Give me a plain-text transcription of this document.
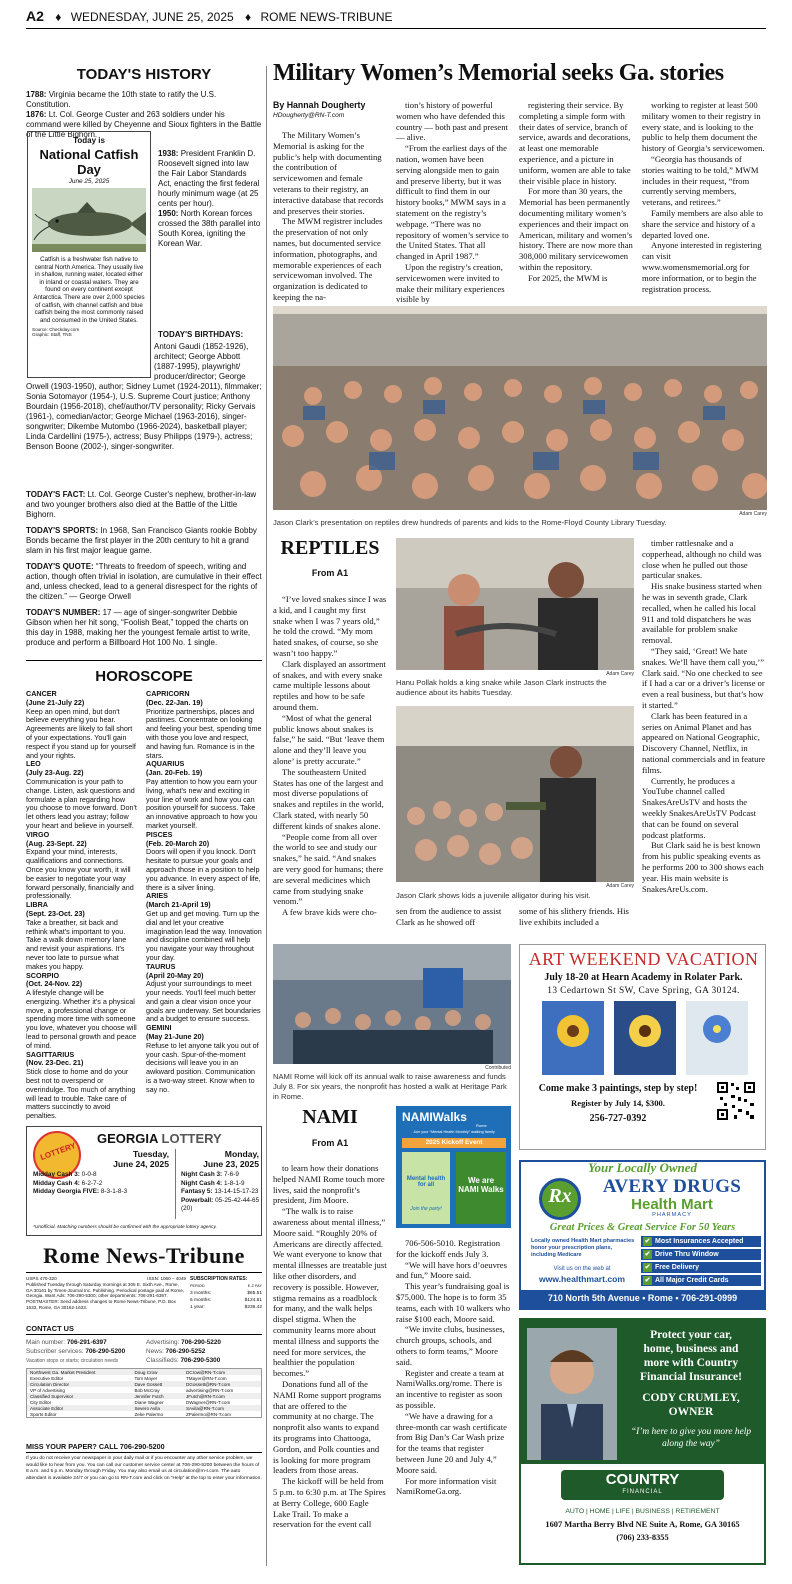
A2 ♦ WEDNESDAY, JUNE 25, 2025 ♦ ROME NEWS-TRIBUNE
TODAY'S HISTORY
1788: Virginia became the 10th state to ratify the U.S. Constitution.
1876: Lt. Col. George Custer and 263 soldiers under his command were killed by Cheyenne and Sioux fighters in the Battle of the Little Bighorn.
Today is
National Catfish Day
June 25, 2025
Catfish is a freshwater fish native to central North America. They usually live in shallow, running water, located either in inland or coastal waters. They are found on every continent except Antarctica. There are over 2,000 species of catfish, with channel catfish and blue catfish being the most commonly raised and consumed in the United States.
Source: Checkday.com
Graphic: Staff, TNS
1938: President Franklin D. Roosevelt signed into law the Fair Labor Standards Act, enacting the first federal hourly minimum wage (at 25 cents per hour).
1950: North Korean forces crossed the 38th parallel into South Korea, igniting the Korean War.
TODAY'S BIRTHDAYS:
Antoni Gaudi (1852-1926), architect; George Abbott (1887-1995), playwright/ producer/director; George Orwell (1903-1950), author; Sidney Lumet (1924-2011), filmmaker; Sonia Sotomayor (1954-), U.S. Supreme Court justice; Anthony Bourdain (1956-2018), chef/author/TV personality; Ricky Gervais (1961-), comedian/actor; George Michael (1963-2016), singer-songwriter; Dikembe Mutombo (1966-2024), basketball player; Linda Cardellini (1975-), actress; Busy Philipps (1979-), actress; Benson Boone (2002-), singer-songwriter.

TODAY'S FACT: Lt. Col. George Custer's nephew, brother-in-law and two younger brothers also died at the Battle of the Little Bighorn.

TODAY'S SPORTS: In 1968, San Francisco Giants rookie Bobby Bonds became the first player in the 20th century to hit a grand slam in his first major league game.

TODAY'S QUOTE: “Threats to freedom of speech, writing and action, though often trivial in isolation, are cumulative in their effect and, unless checked, lead to a general disrespect for the rights of the citizen.” — George Orwell

TODAY'S NUMBER: 17 — age of singer-songwriter Debbie Gibson when her hit song, “Foolish Beat,” topped the charts on this day in 1988, making her the youngest female artist to write, produce and perform a Billboard Hot 100 No. 1 single.

HOROSCOPE
CANCER
(June 21-July 22)
Keep an open mind, but don't believe everything you hear. Agreements are likely to fall short of your expectations. You'll gain respect if you stand up for yourself and your rights.
LEO
(July 23-Aug. 22)
Communication is your path to change. Listen, ask questions and formulate a plan regarding how you choose to move forward. Don't let others lead you astray; follow your heart and believe in yourself.
VIRGO
(Aug. 23-Sept. 22)
Expand your mind, interests, qualifications and connections. Once you know your worth, it will be easier to negotiate your way forward personally, financially and professionally.
LIBRA
(Sept. 23-Oct. 23)
Take a breather, sit back and rethink what's important to you. Take a walk down memory lane and revisit your aspirations. It's never too late to pursue what makes you happy.
SCORPIO
(Oct. 24-Nov. 22)
A lifestyle change will be energizing. Whether it's a physical move, a professional change or spending more time with someone you love, whatever you choose will lead to personal growth and peace of mind.
SAGITTARIUS
(Nov. 23-Dec. 21)
Stick close to home and do your best not to overspend or overindulge. Too much of anything will lead to trouble. Take care of matters succinctly to avoid penalties.
CAPRICORN
(Dec. 22-Jan. 19)
Prioritize partnerships, places and pastimes. Concentrate on looking and feeling your best, spending time with those you love and respect, and having fun. Romance is in the stars.
AQUARIUS
(Jan. 20-Feb. 19)
Pay attention to how you earn your living, what's new and exciting in your line of work and how you can position yourself for success. Take an innovative approach to how you market yourself.
PISCES
(Feb. 20-March 20)
Doors will open if you knock. Don't hesitate to pursue your goals and approach those in a position to help you advance. In every aspect of life, there is a silver lining.
ARIES
(March 21-April 19)
Get up and get moving. Turn up the dial and let your creative imagination lead the way. Innovation and discipline combined will help you navigate your way throughout your day.
TAURUS
(April 20-May 20)
Adjust your surroundings to meet your needs. You'll feel much better and gain a clear vision once your goals are underway. Set boundaries and a budget to ensure success.
GEMINI
(May 21-June 20)
Refuse to let anyone talk you out of your cash. Spur-of-the-moment decisions will leave you in an awkward position. Communication is a two-way street. Know when to say no.
LOTTERY
GEORGIA LOTTERY
Tuesday,
June 24, 2025
Monday,
June 23, 2025
Midday Cash 3: 0-0-8
Midday Cash 4: 6-2-7-2
Midday Georgia FIVE: 8-3-1-8-3
Night Cash 3: 7-6-9
Night Cash 4: 1-8-1-9
Fantasy 5: 13-14-15-17-23
Powerball: 05-25-42-44-65 (20)
*Unofficial. Matching numbers should be confirmed with the appropriate lottery agency.
Rome News-Tribune
USPS 470-320	ISSN: 1060 – 4049
Published Tuesday through Saturday mornings at 305 E. Sixth Ave., Rome, GA 30161 by Times-Journal Inc. Publishing. Periodical postage paid at Rome, Georgia. Want Ads: 706-290-5300; other departments: 706-291-6397. POSTMASTER: Send address changes to Rome News-Tribune, P.O. Box 1633, Rome, GA 30162-1633.
SUBSCRIPTION RATES:
PERIOD	E-Z PAY
3 months:	$65.51
6 months:	$124.61
1 year:	$236.42
CONTACT US
Main number: 706-291-6397
Subscriber services: 706-290-5200
Vacation stops or starts; circulation needs
Advertising: 706-290-5220
News: 706-290-5252
Classifieds: 706-290-5300
Northwest Ga. Market President	Doug Crow	DCrow@RN-T.com
Executive Editor	Tom Mayer	TMayer@RN-T.com
Circulation Director	Dave Gossett	DGossett@RN-T.com
VP of Advertising	Bob McCray	advertising@RN-T.com
Classified Supervisor	Jennifer Futch	JFutch@RN-T.com
City Editor	Diane Wagner	DWagner@RN-T.com
Associate Editor	Severo Avila	SAvila@RN-T.com
Sports Editor	Zeke Palermo	ZPalermo@RN-T.com
MISS YOUR PAPER? CALL 706-290-5200
If you do not receive your newspaper in your daily mail or if you encounter any other service problem, we would like to hear from you. You can call our customer service center at 706-290-5200 between the hours of 8 a.m. and 5 p.m. Monday through Friday. You may also email us at circulation@rn-t.com. The auto attendant is available 24/7 or you can go to RN-T.com and click on “Help” at the top to enter your information.
Military Women’s Memorial seeks Ga. stories
By Hannah Dougherty
HDougherty@RN-T.com

The Military Women’s Memorial is asking for the public’s help with documenting the contribution of servicewomen and female veterans to their registry, an interactive database that records and preserves their stories.

The MWM registrer includes the preservation of not only names, but documented service information, photographs, and memorable experiences of each servicewoman involved. The organization is dedicated to keeping the na-

tion’s history of powerful women who have defended this country — both past and present — alive.

“From the earliest days of the nation, women have been serving alongside men to gain and preserve liberty, but it was difficult to find them in our history books,” MWM says in a statement on the registry’s webpage. “There was no repository of women’s service to the United States. That all changed in April 1987.”

Upon the registry’s creation, servicewomen were invited to make their military experiences visible by

registering their service. By completing a simple form with their dates of service, branch of service, awards and decorations, at least one memorable experience, and a picture in uniform, women are able to take their visible place in history.

For more than 30 years, the Memorial has been permanently documenting military women’s experiences and their impact on American, military and women’s history. There are now more than 308,000 military servicewomen within the repository.

For 2025, the MWM is

working to register at least 500 military women to their registry in every state, and is looking to the public to help them document the history of Georgia’s servicewomen.

“Georgia has thousands of stories waiting to be told,” MWM includes in their request, “from currently serving members, veterans, and retirees.”

Family members are also able to share the service and history of a departed loved one.

Anyone interested in registering can visit www.womensmemorial.org for more information, or to begin the registration process.

Adam Carey
Jason Clark’s presentation on reptiles drew hundreds of parents and kids to the Rome-Floyd County Library Tuesday.
REPTILES
From A1

“I’ve loved snakes since I was a kid, and I caught my first snake when I was 7 years old,” he told the crowd. “My mom hated snakes, of course, so she wasn’t too happy.”

Clark displayed an assortment of snakes, and with every snake came multiple lessons about reptiles and how to be safe around them.

“Most of what the general public knows about snakes is false,” he said. “But ‘leave them alone and they’ll leave you alone’ is pretty accurate.”

The southeastern United States has one of the largest and most diverse populations of snakes and reptiles in the world, Clark stated, with nearly 50 different kinds of snakes alone.

“People come from all over the world to see and study our snakes,” he said. “And snakes are very good for humans; there are several medicines which came from studying snake venom.”

A few brave kids were cho-

Adam Carey
Hanu Pollak holds a king snake while Jason Clark instructs the audience about its habits Tuesday.
Adam Carey
Jason Clark shows kids a juvenile alligator during his visit.

sen from the audience to assist Clark as he showed off

some of his slithery friends. His live exhibits included a

timber rattlesnake and a copperhead, although no child was close when he pulled out those particular snakes.

His snake business started when he was in seventh grade, Clark recalled, when he called his local 911 and told dispatchers he was available for problem snake removal.

“They said, ‘Great! We hate snakes. We’ll have them call you,’” Clark said. “No one checked to see if I had a car or a driver’s license or even a real business, but that’s how it started.”

Clark has been featured in a series on Animal Planet and has appeared on National Geographic, Discovery Channel, Netflix, in national commercials and in feature films.

Currently, he produces a YouTube channel called SnakesAreUsTV and hosts the weekly SnakesAreUsTV Podcast that can be found on several podcast platforms.

But Clark said he is best known from his public speaking events as he performs 200 to 300 shows each year. His main website is SnakesAreUs.com.

Contributed
NAMI Rome will kick off its annual walk to raise awareness and funds July 8. For six years, the nonprofit has hosted a walk at Heritage Park in Rome.
NAMI
From A1

to learn how their donations helped NAMI Rome touch more lives, said the nonprofit’s president, Jim Moore.

“The walk is to raise awareness about mental illness,” Moore said. “Roughly 20% of Americans are directly affected. We want everyone to know that mental illnesses are treatable just like other disorders, and recovery is possible. However, stigma remains as a roadblock for many, and the walk helps dispel stigma. When the community learns more about mental illness and supports the need for more services, the healthier the population becomes.”

Donations fund all of the NAMI Rome support programs that are offered to the community at no charge. The nonprofit also wants to expand its programs into Chattooga, Gordon, and Polk counties and is looking for more program leaders from those areas.

The kickoff will be held from 5 p.m. to 6:30 p.m. at The Spires at Berry College, 600 Eagle Lake Trail. To make a reservation for the event call

NAMIWalks
Rome
Join your “Mental Health Monthly” walking family
2025 Kickoff Event
Mental health for all
Join the party!
We are NAMI Walks

706-506-5010. Registration for the kickoff ends July 3.

“We will have hors d’oeuvres and fun,” Moore said.

This year’s fundraising goal is $75,000. The hope is to form 35 teams, each with 10 walkers who raise $100 each, Moore said.

“We invite clubs, businesses, church groups, schools, and others to form teams,” Moore said.

Register and create a team at NamiWalks.org/rome. There is an incentive to register as soon as possible.

“We have a drawing for a three-month car wash certificate from Big Dan’s Car Wash prize for the teams that register between June 20 and July 4,” Moore said.

For more information visit NamiRomeGa.org.

ART WEEKEND VACATION
July 18-20 at Hearn Academy in Rolater Park.
13 Cedartown St SW, Cave Spring, GA 30124.
Come make 3 paintings, step by step!
Register by July 14, $300.
256-727-0392
Your Locally Owned
Rx	AVERY DRUGS
Health Mart
PHARMACY
Great Prices & Great Service For 50 Years
Locally owned Health Mart pharmacies honor your prescription plans, including Medicare
✔ Most Insurances Accepted
✔ Drive Thru Window
✔ Free Delivery
✔ All Major Credit Cards
Visit us on the web at
www.healthmart.com
710 North 5th Avenue • Rome • 706-291-0999
Protect your car,
home, business and
more with Country
Financial Insurance!
CODY CRUMLEY,
OWNER
“I’m here to give you more help along the way”
COUNTRY
FINANCIAL
AUTO | HOME | LIFE | BUSINESS | RETIREMENT
1607 Martha Berry Blvd NE Suite A, Rome, GA 30165
(706) 233-8355
